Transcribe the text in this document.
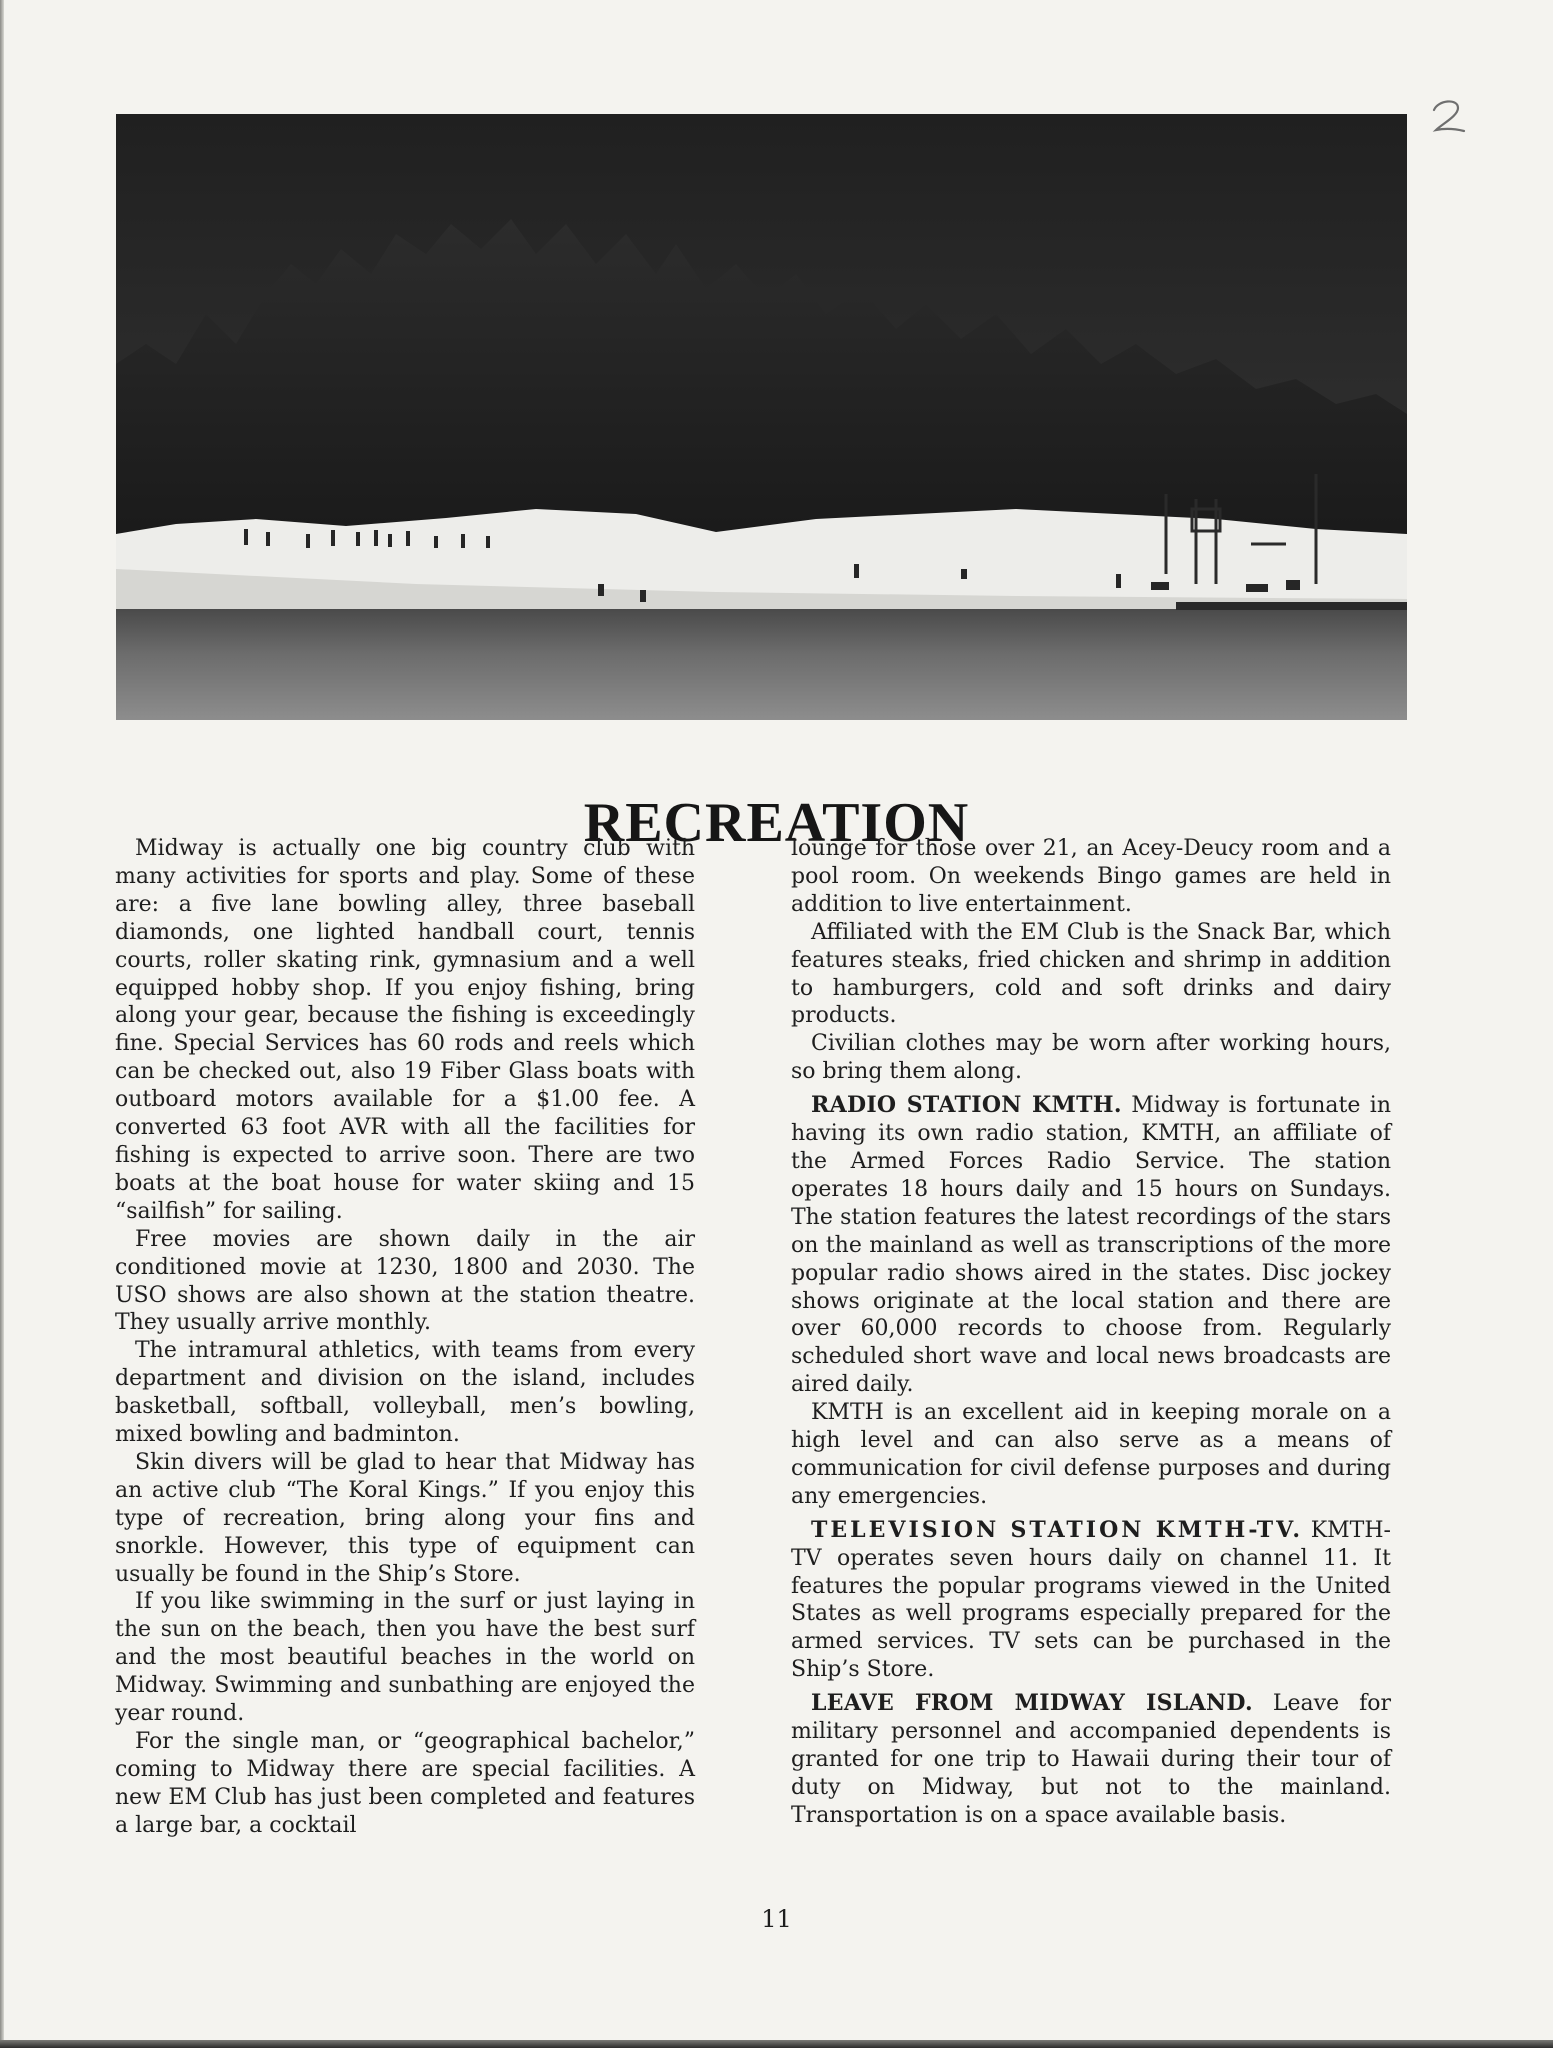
RECREATION

Midway is actually one big country club with many activities for sports and play. Some of these are: a five lane bowling alley, three baseball diamonds, one lighted handball court, tennis courts, roller skating rink, gymnasium and a well equipped hobby shop. If you enjoy fishing, bring along your gear, because the fishing is exceedingly fine. Special Services has 60 rods and reels which can be checked out, also 19 Fiber Glass boats with outboard motors available for a $1.00 fee. A converted 63 foot AVR with all the facilities for fishing is expected to arrive soon. There are two boats at the boat house for water skiing and 15 “sailfish” for sailing.

Free movies are shown daily in the air conditioned movie at 1230, 1800 and 2030. The USO shows are also shown at the station theatre. They usually arrive monthly.

The intramural athletics, with teams from every department and division on the island, includes basketball, softball, volleyball, men’s bowling, mixed bowling and badminton.

Skin divers will be glad to hear that Midway has an active club “The Koral Kings.” If you enjoy this type of recreation, bring along your fins and snorkle. However, this type of equipment can usually be found in the Ship’s Store.

If you like swimming in the surf or just laying in the sun on the beach, then you have the best surf and the most beautiful beaches in the world on Midway. Swimming and sunbathing are enjoyed the year round.

For the single man, or “geographical bachelor,” coming to Midway there are special facilities. A new EM Club has just been completed and features a large bar, a cocktail

lounge for those over 21, an Acey-Deucy room and a pool room. On weekends Bingo games are held in addition to live entertainment.

Affiliated with the EM Club is the Snack Bar, which features steaks, fried chicken and shrimp in addition to hamburgers, cold and soft drinks and dairy products.

Civilian clothes may be worn after working hours, so bring them along.

RADIO STATION KMTH. Midway is fortunate in having its own radio station, KMTH, an affiliate of the Armed Forces Radio Service. The station operates 18 hours daily and 15 hours on Sundays. The station features the latest recordings of the stars on the mainland as well as transcriptions of the more popular radio shows aired in the states. Disc jockey shows originate at the local station and there are over 60,000 records to choose from. Regularly scheduled short wave and local news broadcasts are aired daily.

KMTH is an excellent aid in keeping morale on a high level and can also serve as a means of communication for civil defense purposes and during any emergencies.

TELEVISION STATION KMTH-TV. KMTH-TV operates seven hours daily on channel 11. It features the popular programs viewed in the United States as well programs especially prepared for the armed services. TV sets can be purchased in the Ship’s Store.

LEAVE FROM MIDWAY ISLAND. Leave for military personnel and accompanied dependents is granted for one trip to Hawaii during their tour of duty on Midway, but not to the mainland. Transportation is on a space available basis.

11
